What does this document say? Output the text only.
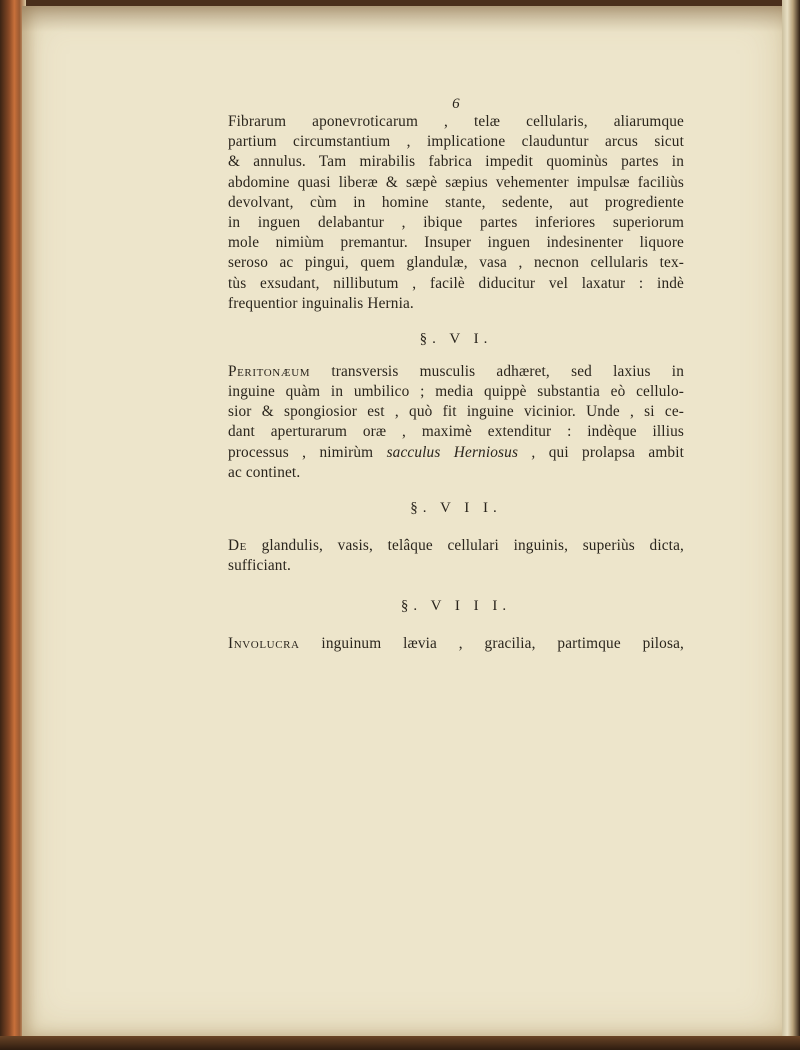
6
Fibrarum aponevroticarum , telæ cellularis, aliarumque
partium circumstantium , implicatione clauduntur arcus sicut
& annulus. Tam mirabilis fabrica impedit quominùs partes in
abdomine quasi liberæ & sæpè sæpius vehementer impulsæ faciliùs
devolvant, cùm in homine stante, sedente, aut progrediente
in inguen delabantur , ibique partes inferiores superiorum
mole nimiùm premantur. Insuper inguen indesinenter liquore
seroso ac pingui, quem glandulæ, vasa , necnon cellularis tex-
tùs exsudant, nillibutum , facilè diducitur vel laxatur : indè
frequentior inguinalis Hernia.
§. V I.
Peritonæum transversis musculis adhæret, sed laxius in
inguine quàm in umbilico ; media quippè substantia eò cellulo-
sior & spongiosior est , quò fit inguine vicinior. Unde , si ce-
dant aperturarum oræ , maximè extenditur : indèque illius
processus , nimirùm sacculus Herniosus , qui prolapsa ambit
ac continet.
§. V I I.
De glandulis, vasis, telâque cellulari inguinis, superiùs dicta,
sufficiant.
§. V I I I.
Involucra inguinum lævia , gracilia, partimque pilosa,
